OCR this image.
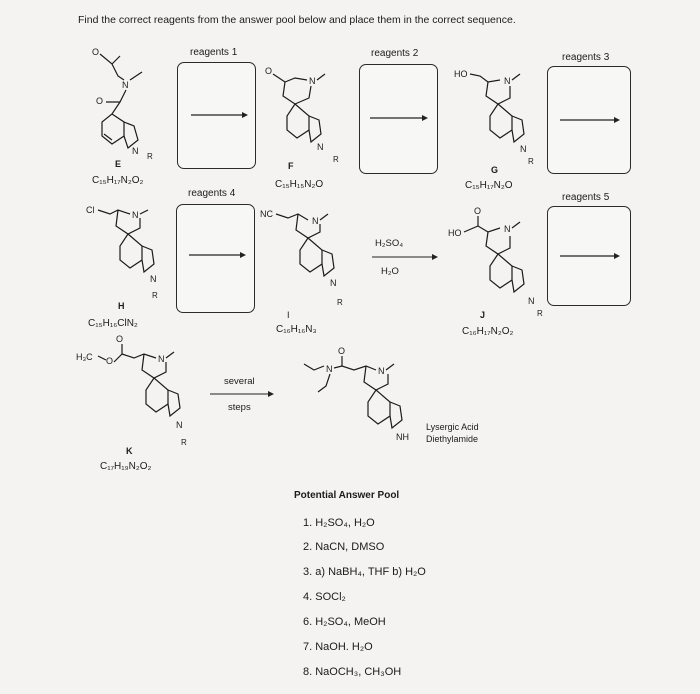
Find the correct reagents from the answer pool below and place them in the correct sequence.
reagents 1	reagents 2	reagents 3
reagents 4	reagents 5
O
N
O
N
E
R
C₁₅H₁₇N₂O₂
O
N
N
F
R
C₁₅H₁₅N₂O
HO
N
N
G
R
C₁₅H₁₇N₂O
Cl	N
N
H
R
C₁₅H₁₆ClN₂
NC
N
N
I
R
C₁₆H₁₆N₃
H₂SO₄
H₂O
O
HO	N
N
J	R
C₁₆H₁₇N₂O₂
O
H₃C O	N
N
K
R
C₁₇H₁₉N₂O₂
several
steps
O
N	N
NH
Lysergic Acid
Diethylamide
Potential Answer Pool
1. H₂SO₄, H₂O
2. NaCN, DMSO
3. a) NaBH₄, THF b) H₂O
4. SOCl₂
6. H₂SO₄, MeOH
7. NaOH. H₂O
8. NaOCH₃, CH₃OH
